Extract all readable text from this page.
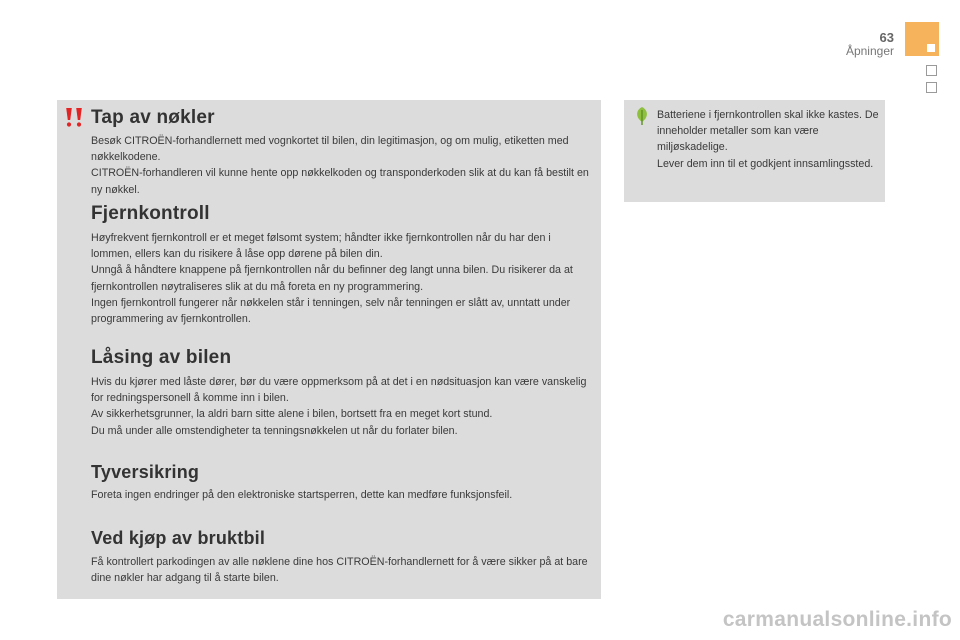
63
Åpninger
Tap av nøkler

Besøk CITROËN-forhandlernett med vognkortet til bilen, din legitimasjon, og om mulig, etiketten med nøkkelkodene.
CITROËN-forhandleren vil kunne hente opp nøkkelkoden og transponderkoden slik at du kan få bestilt en ny nøkkel.

Fjernkontroll

Høyfrekvent fjernkontroll er et meget følsomt system; håndter ikke fjernkontrollen når du har den i lommen, ellers kan du risikere å låse opp dørene på bilen din.
Unngå å håndtere knappene på fjernkontrollen når du befinner deg langt unna bilen. Du risikerer da at fjernkontrollen nøytraliseres slik at du må foreta en ny programmering.
Ingen fjernkontroll fungerer når nøkkelen står i tenningen, selv når tenningen er slått av, unntatt under programmering av fjernkontrollen.

Låsing av bilen

Hvis du kjører med låste dører, bør du være oppmerksom på at det i en nødsituasjon kan være vanskelig for redningspersonell å komme inn i bilen.
Av sikkerhetsgrunner, la aldri barn sitte alene i bilen, bortsett fra en meget kort stund.
Du må under alle omstendigheter ta tenningsnøkkelen ut når du forlater bilen.

Tyversikring

Foreta ingen endringer på den elektroniske startsperren, dette kan medføre funksjonsfeil.

Ved kjøp av bruktbil

Få kontrollert parkodingen av alle nøklene dine hos CITROËN-forhandlernett for å være sikker på at bare dine nøkler har adgang til å starte bilen.

Batteriene i fjernkontrollen skal ikke kastes. De inneholder metaller som kan være miljøskadelige.
Lever dem inn til et godkjent innsamlingssted.

carmanualsonline.info
